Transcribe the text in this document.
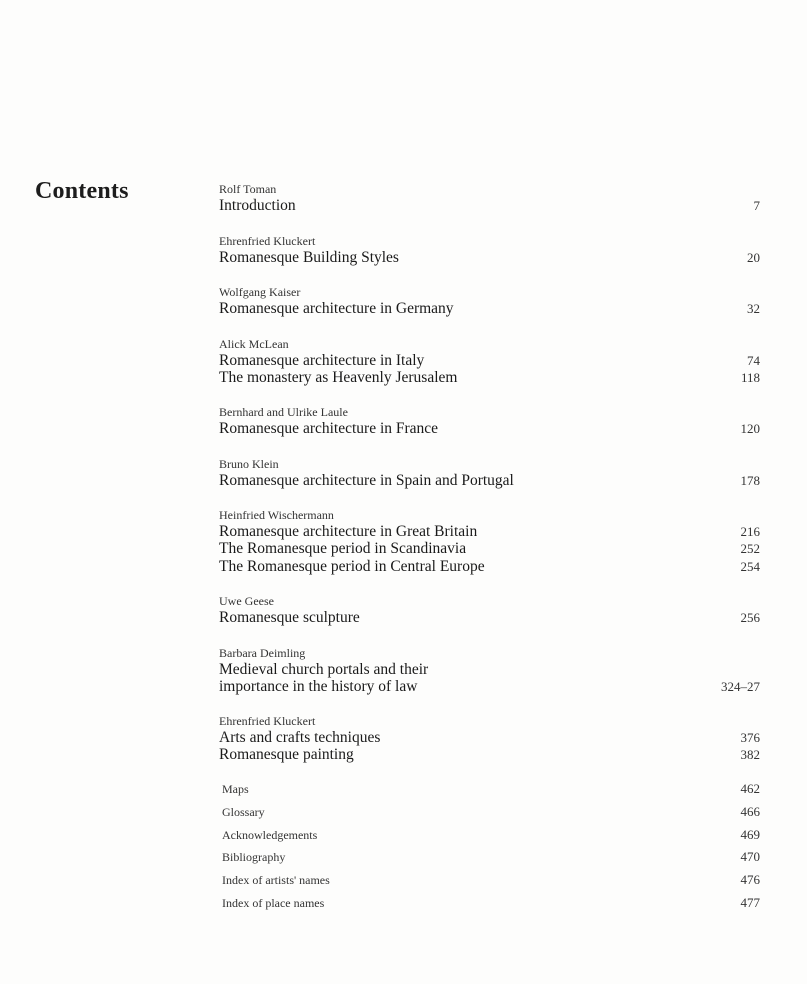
Contents	Rolf Toman
Introduction	7
Ehrenfried Kluckert
Romanesque Building Styles	20
Wolfgang Kaiser
Romanesque architecture in Germany	32
Alick McLean
Romanesque architecture in Italy	74
The monastery as Heavenly Jerusalem	118
Bernhard and Ulrike Laule
Romanesque architecture in France	120
Bruno Klein
Romanesque architecture in Spain and Portugal	178
Heinfried Wischermann
Romanesque architecture in Great Britain	216
The Romanesque period in Scandinavia	252
The Romanesque period in Central Europe	254
Uwe Geese
Romanesque sculpture	256
Barbara Deimling
Medieval church portals and their
importance in the history of law	324–27
Ehrenfried Kluckert
Arts and crafts techniques	376
Romanesque painting	382
Maps	462
Glossary	466
Acknowledgements	469
Bibliography	470
Index of artists' names	476
Index of place names	477
